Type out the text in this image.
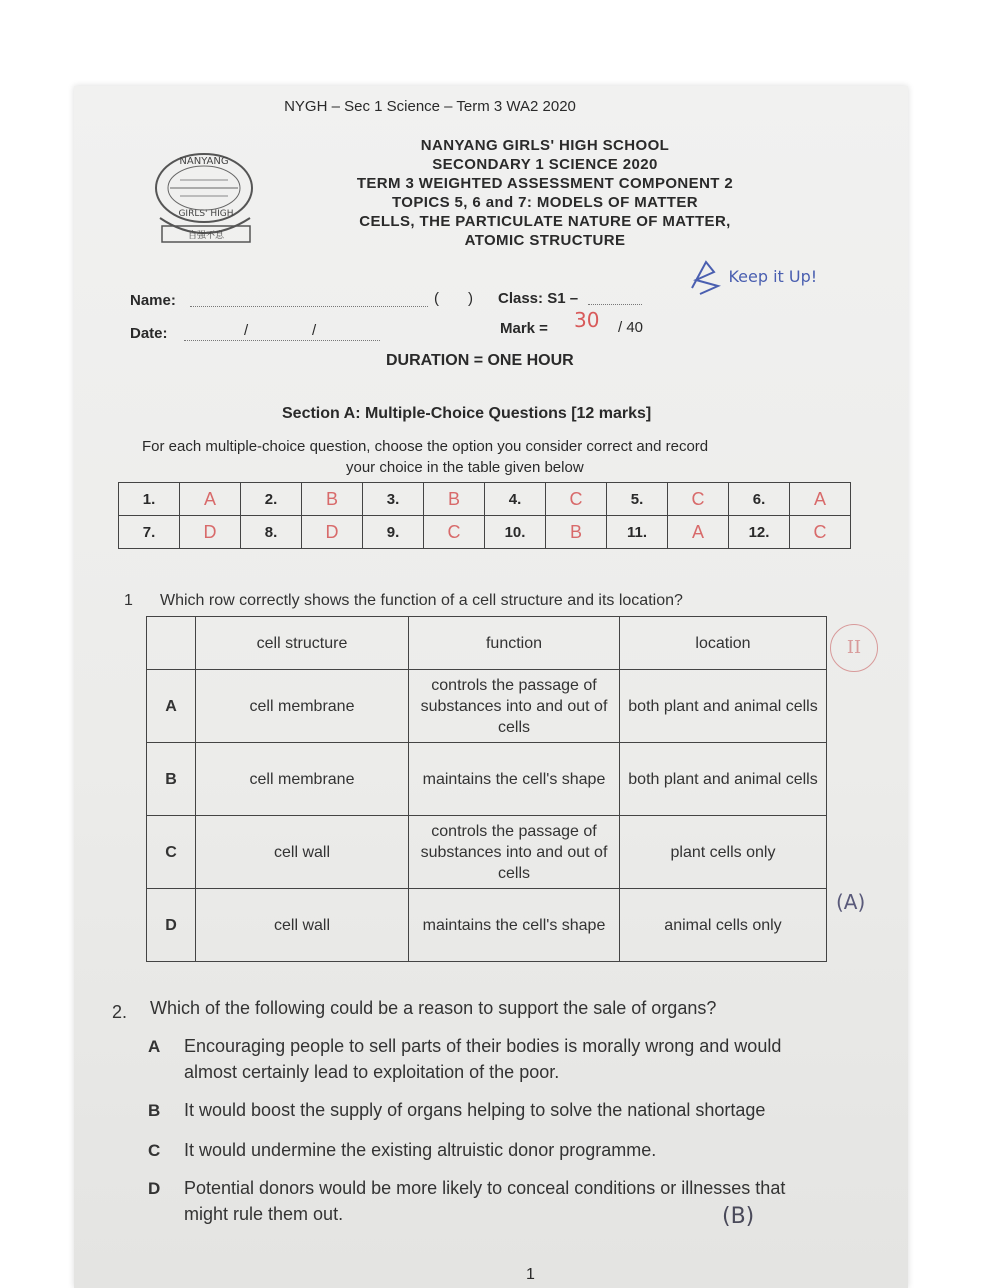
NYGH – Sec 1 Science – Term 3 WA2 2020
NANYANG
GIRLS' HIGH
自强不息
NANYANG GIRLS' HIGH SCHOOL
SECONDARY 1 SCIENCE 2020
TERM 3 WEIGHTED ASSESSMENT COMPONENT 2
TOPICS 5, 6 and 7: MODELS OF MATTER
CELLS, THE PARTICULATE NATURE OF MATTER,
ATOMIC STRUCTURE
Keep it Up!
Name:	( ) Class: S1 –
Date:	/	/	Mark = 30 / 40
DURATION = ONE HOUR
Section A: Multiple-Choice Questions [12 marks]
For each multiple-choice question, choose the option you consider correct and record
your choice in the table given below
1.	A	2.	B	3.	B	4.	C	5.	C	6.	A
7.	D	8.	D	9.	C	10.	B	11.	A	12.	C
1 Which row correctly shows the function of a cell structure and its location?
II
	cell structure	function	location
A	cell membrane	controls the passage of substances into and out of cells	both plant and animal cells
B	cell membrane	maintains the cell's shape	both plant and animal cells
C	cell wall	controls the passage of substances into and out of cells	plant cells only
D	cell wall	maintains the cell's shape	animal cells only
(A)
2. Which of the following could be a reason to support the sale of organs?
A Encouraging people to sell parts of their bodies is morally wrong and would
almost certainly lead to exploitation of the poor.
B It would boost the supply of organs helping to solve the national shortage
C It would undermine the existing altruistic donor programme.
D Potential donors would be more likely to conceal conditions or illnesses that
might rule them out.	(B)
1
